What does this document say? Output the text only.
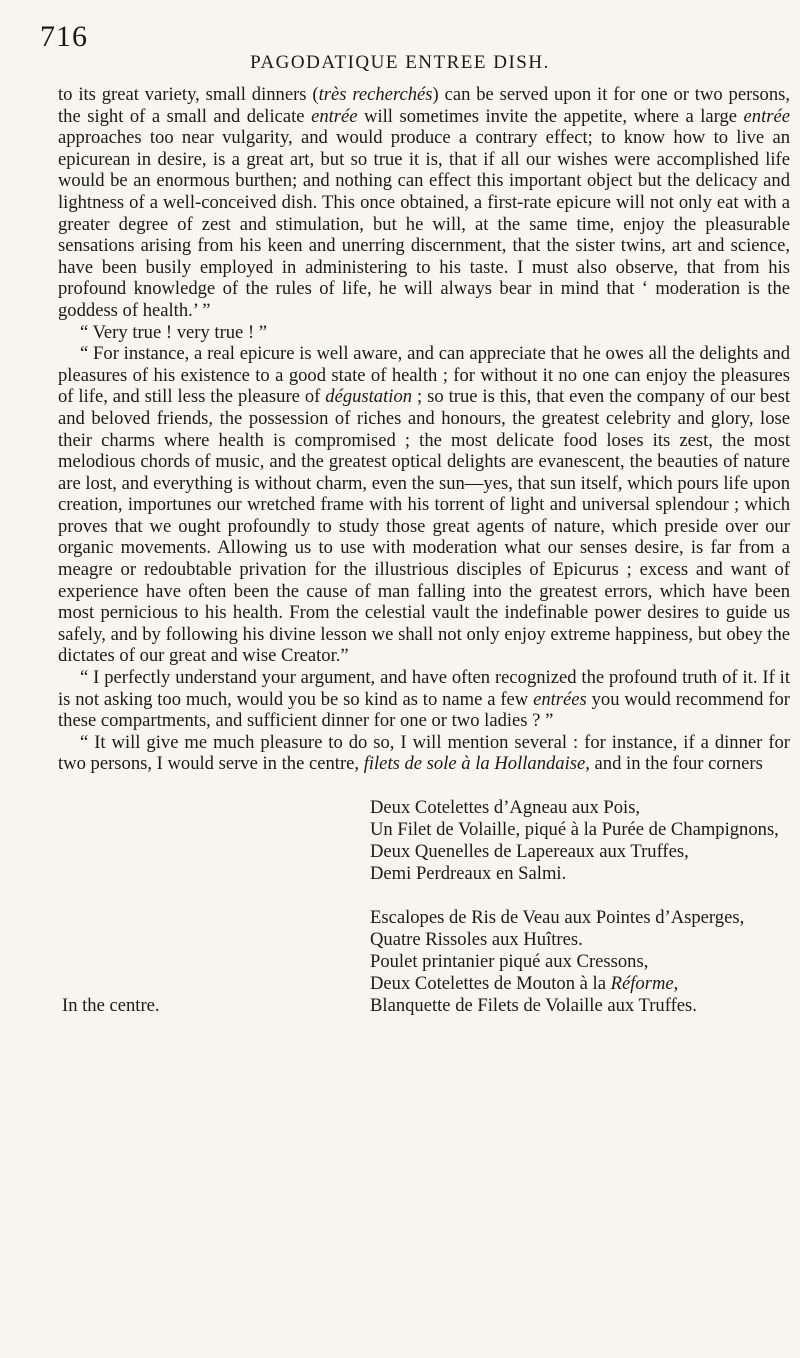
716
PAGODATIQUE ENTREE DISH.

to its great variety, small dinners (très recherchés) can be served upon it for one or two persons, the sight of a small and delicate entrée will sometimes invite the appetite, where a large entrée approaches too near vulgarity, and would produce a contrary effect; to know how to live an epicurean in desire, is a great art, but so true it is, that if all our wishes were accomplished life would be an enormous burthen; and nothing can effect this important object but the delicacy and lightness of a well-conceived dish. This once obtained, a first-rate epicure will not only eat with a greater degree of zest and stimulation, but he will, at the same time, enjoy the pleasurable sensations arising from his keen and unerring discernment, that the sister twins, art and science, have been busily employed in administering to his taste. I must also observe, that from his profound knowledge of the rules of life, he will always bear in mind that ‘ moderation is the goddess of health.’ ”

“ Very true ! very true ! ”

“ For instance, a real epicure is well aware, and can appreciate that he owes all the delights and pleasures of his existence to a good state of health ; for without it no one can enjoy the pleasures of life, and still less the pleasure of dégustation ; so true is this, that even the company of our best and beloved friends, the possession of riches and honours, the greatest celebrity and glory, lose their charms where health is compromised ; the most delicate food loses its zest, the most melodious chords of music, and the greatest optical delights are evanescent, the beauties of nature are lost, and everything is without charm, even the sun—yes, that sun itself, which pours life upon creation, importunes our wretched frame with his torrent of light and universal splendour ; which proves that we ought profoundly to study those great agents of nature, which preside over our organic movements. Allowing us to use with moderation what our senses desire, is far from a meagre or redoubtable privation for the illustrious disciples of Epicurus ; excess and want of experience have often been the cause of man falling into the greatest errors, which have been most pernicious to his health. From the celestial vault the indefinable power desires to guide us safely, and by following his divine lesson we shall not only enjoy extreme happiness, but obey the dictates of our great and wise Creator.”

“ I perfectly understand your argument, and have often recognized the profound truth of it. If it is not asking too much, would you be so kind as to name a few entrées you would recommend for these compartments, and sufficient dinner for one or two ladies ? ”

“ It will give me much pleasure to do so, I will mention several : for instance, if a dinner for two persons, I would serve in the centre, filets de sole à la Hollandaise, and in the four corners

Deux Cotelettes d’Agneau aux Pois,
Un Filet de Volaille, piqué à la Purée de Champignons,
Deux Quenelles de Lapereaux aux Truffes,
Demi Perdreaux en Salmi.
In the centre.
Escalopes de Ris de Veau aux Pointes d’Asperges,
Quatre Rissoles aux Huîtres.
Poulet printanier piqué aux Cressons,
Deux Cotelettes de Mouton à la Réforme,
Blanquette de Filets de Volaille aux Truffes.
